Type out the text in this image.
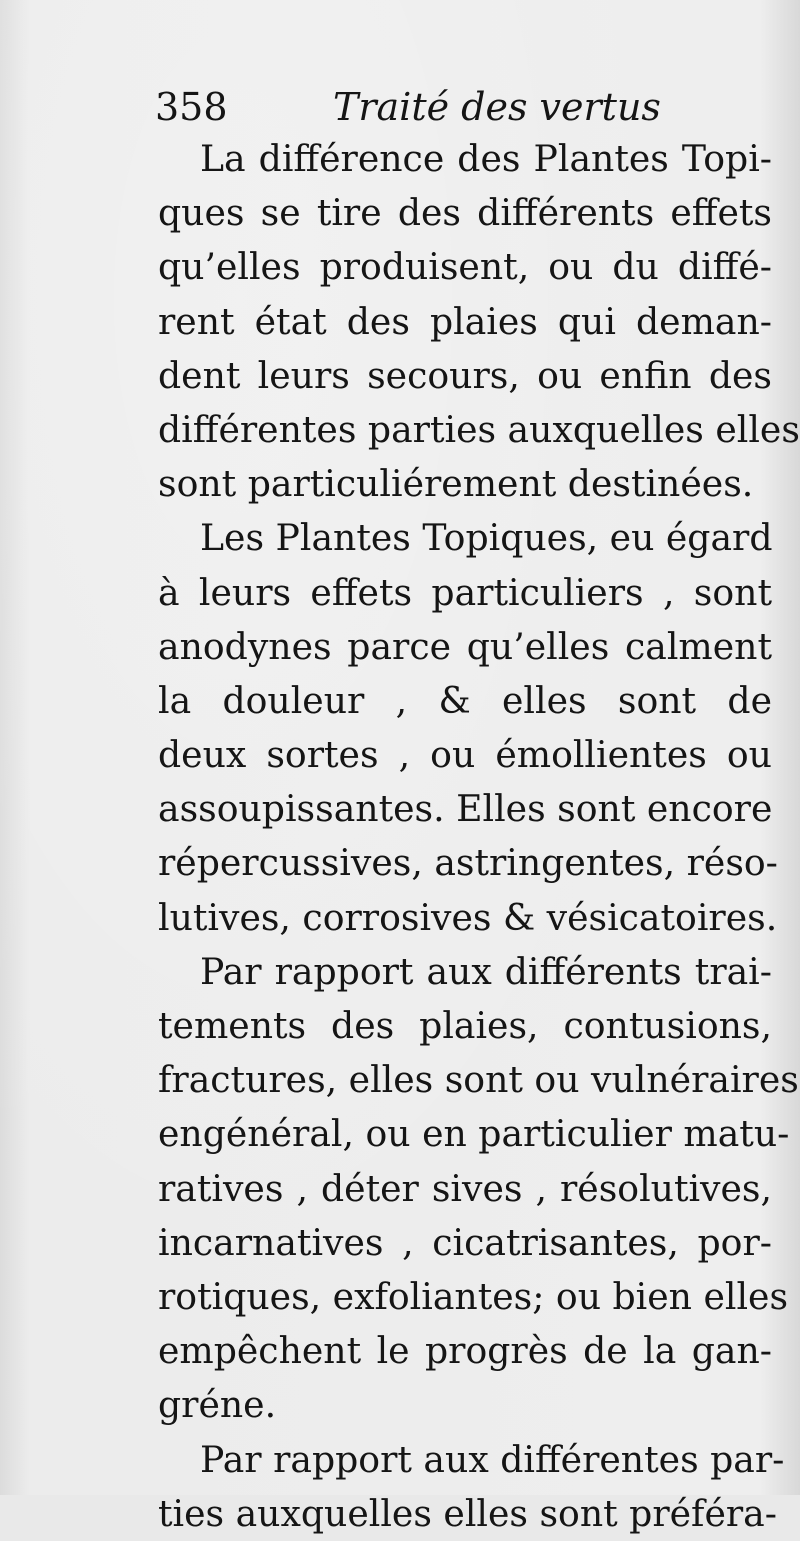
358	Traité des vertus
La différence des Plantes Topi-
ques se tire des différents effets
qu’elles produisent, ou du diffé-
rent état des plaies qui deman-
dent leurs secours, ou enfin des
différentes parties auxquelles elles
sont particuliérement destinées.
Les Plantes Topiques, eu égard
à leurs effets particuliers , sont
anodynes parce qu’elles calment
la douleur , & elles sont de
deux sortes , ou émollientes ou
assoupissantes. Elles sont encore
répercussives, astringentes, réso-
lutives, corrosives & vésicatoires.
Par rapport aux différents trai-
tements des plaies, contusions,
fractures, elles sont ou vulnéraires
engénéral, ou en particulier matu-
ratives , déter sives , résolutives,
incarnatives , cicatrisantes, por-
rotiques, exfoliantes; ou bien elles
empêchent le progrès de la gan-
gréne.
Par rapport aux différentes par-
ties auxquelles elles sont préféra-
